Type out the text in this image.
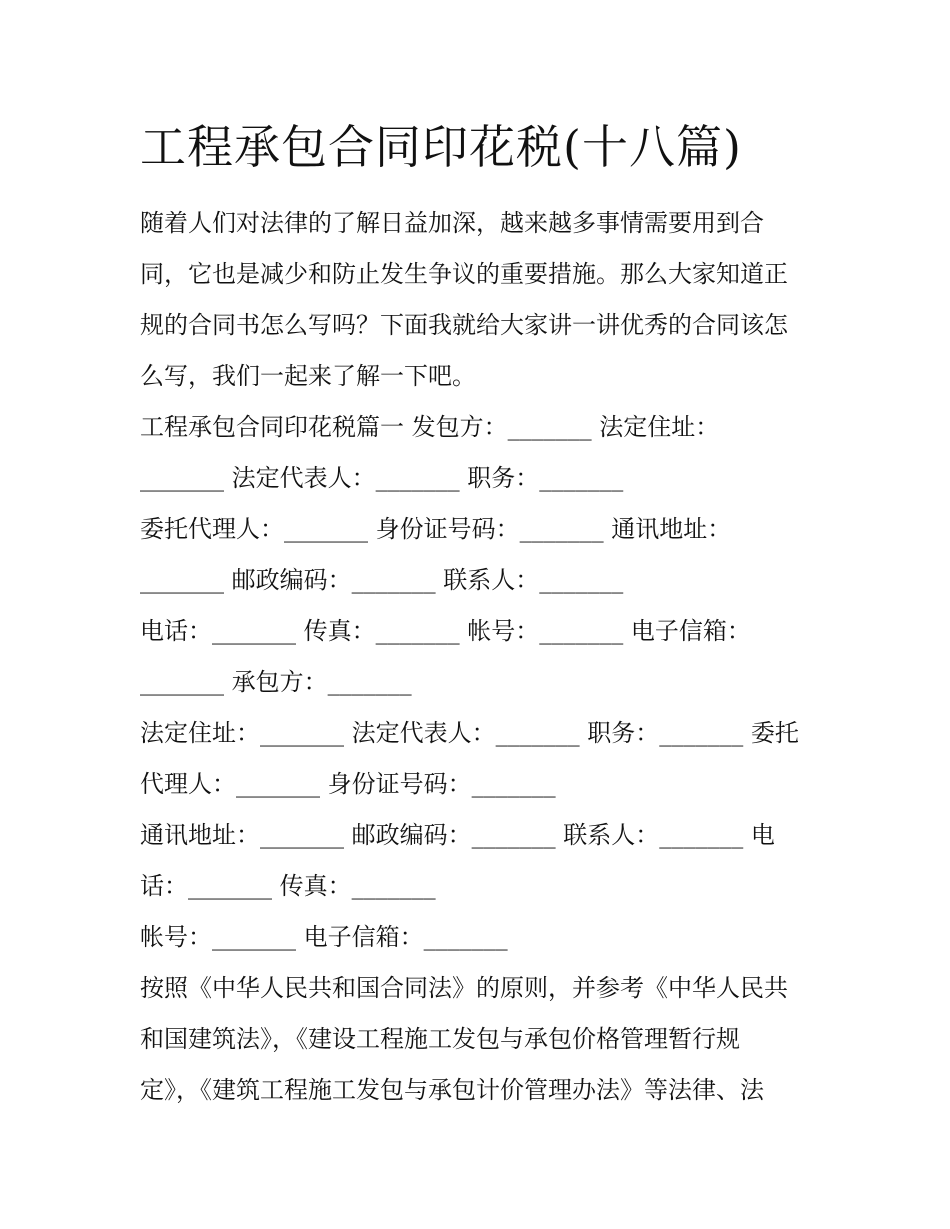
工程承包合同印花税(十八篇)

随着人们对法律的了解日益加深，越来越多事情需要用到合

同，它也是减少和防止发生争议的重要措施。那么大家知道正

规的合同书怎么写吗？下面我就给大家讲一讲优秀的合同该怎

么写，我们一起来了解一下吧。

工程承包合同印花税篇一 发包方：_______ 法定住址：

_______ 法定代表人：_______ 职务：_______

委托代理人：_______ 身份证号码：_______ 通讯地址：

_______ 邮政编码：_______ 联系人：_______

电话：_______ 传真：_______ 帐号：_______ 电子信箱：

_______ 承包方：_______

法定住址：_______ 法定代表人：_______ 职务：_______ 委托

代理人：_______ 身份证号码：_______

通讯地址：_______ 邮政编码：_______ 联系人：_______ 电

话：_______ 传真：_______

帐号：_______ 电子信箱：_______

按照《中华人民共和国合同法》的原则，并参考《中华人民共

和国建筑法》，《建设工程施工发包与承包价格管理暂行规

定》，《建筑工程施工发包与承包计价管理办法》等法律、法
